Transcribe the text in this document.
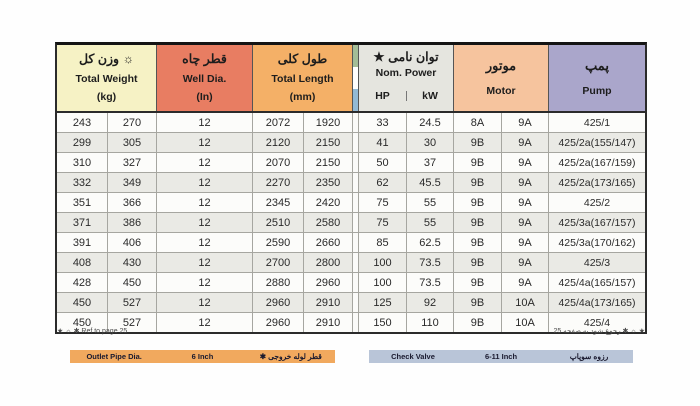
☼ وزن کل
Total Weight
(kg)
قطر چاه
Well Dia.
(In)
طول کلی
Total Length
(mm)
توان نامی ★
Nom. Power
HP	kW
موتور
Motor
پمپ
Pump
243	270	12	2072	1920	33	24.5	8A	9A	425/1
299	305	12	2120	2150	41	30	9B	9A	425/2a(155/147)
310	327	12	2070	2150	50	37	9B	9A	425/2a(167/159)
332	349	12	2270	2350	62	45.5	9B	9A	425/2a(173/165)
351	366	12	2345	2420	75	55	9B	9A	425/2
371	386	12	2510	2580	75	55	9B	9A	425/3a(167/157)
391	406	12	2590	2660	85	62.5	9B	9A	425/3a(170/162)
408	430	12	2700	2800	100	73.5	9B	9A	425/3
428	450	12	2880	2960	100	73.5	9B	9A	425/4a(165/157)
450	527	12	2960	2910	125	92	9B	10A	425/4a(173/165)
450	527	12	2960	2910	150	110	9B	10A	425/4
★ ☼ ✱ Ref to page 25	★ ☼ ✱ رجوع شود به صفحه 25
Outlet Pipe Dia.	6 Inch	قطر لوله خروجی ✱	Check Valve	6-11 Inch	رزوه سوپاپ
